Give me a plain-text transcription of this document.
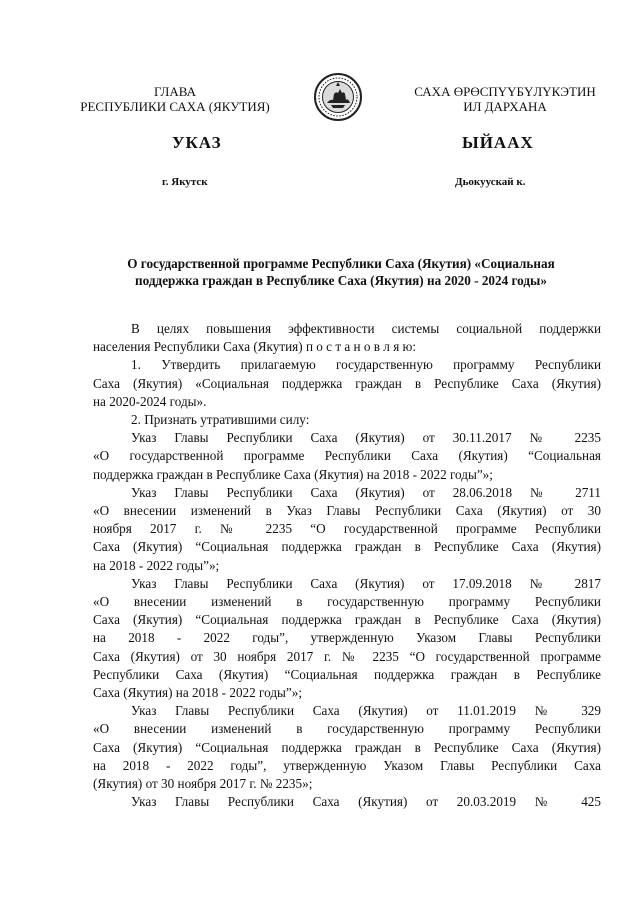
ГЛАВА
РЕСПУБЛИКИ САХА (ЯКУТИЯ)
САХА ӨРӨСПҮҮБҮЛҮКЭТИН
ИЛ ДАРХАНА
УКАЗ	ЫЙААХ
г. Якутск	Дьокуускай к.
О государственной программе Республики Саха (Якутия) «Социальная
поддержка граждан в Республике Саха (Якутия) на 2020 - 2024 годы»
В целях повышения эффективности системы социальной поддержки
населения Республики Саха (Якутия) п о с т а н о в л я ю:
1. Утвердить прилагаемую государственную программу Республики
Саха (Якутия) «Социальная поддержка граждан в Республике Саха (Якутия)
на 2020-2024 годы».
2. Признать утратившими силу:
Указ Главы Республики Саха (Якутия) от 30.11.2017 № 2235
«О государственной программе Республики Саха (Якутия) “Социальная
поддержка граждан в Республике Саха (Якутия) на 2018 - 2022 годы”»;
Указ Главы Республики Саха (Якутия) от 28.06.2018 № 2711
«О внесении изменений в Указ Главы Республики Саха (Якутия) от 30
ноября 2017 г. № 2235 “О государственной программе Республики
Саха (Якутия) “Социальная поддержка граждан в Республике Саха (Якутия)
на 2018 - 2022 годы”»;
Указ Главы Республики Саха (Якутия) от 17.09.2018 № 2817
«О внесении изменений в государственную программу Республики
Саха (Якутия) “Социальная поддержка граждан в Республике Саха (Якутия)
на 2018 - 2022 годы”, утвержденную Указом Главы Республики
Саха (Якутия) от 30 ноября 2017 г. № 2235 “О государственной программе
Республики Саха (Якутия) “Социальная поддержка граждан в Республике
Саха (Якутия) на 2018 - 2022 годы”»;
Указ Главы Республики Саха (Якутия) от 11.01.2019 № 329
«О внесении изменений в государственную программу Республики
Саха (Якутия) “Социальная поддержка граждан в Республике Саха (Якутия)
на 2018 - 2022 годы”, утвержденную Указом Главы Республики Саха
(Якутия) от 30 ноября 2017 г. № 2235»;
Указ Главы Республики Саха (Якутия) от 20.03.2019 № 425
